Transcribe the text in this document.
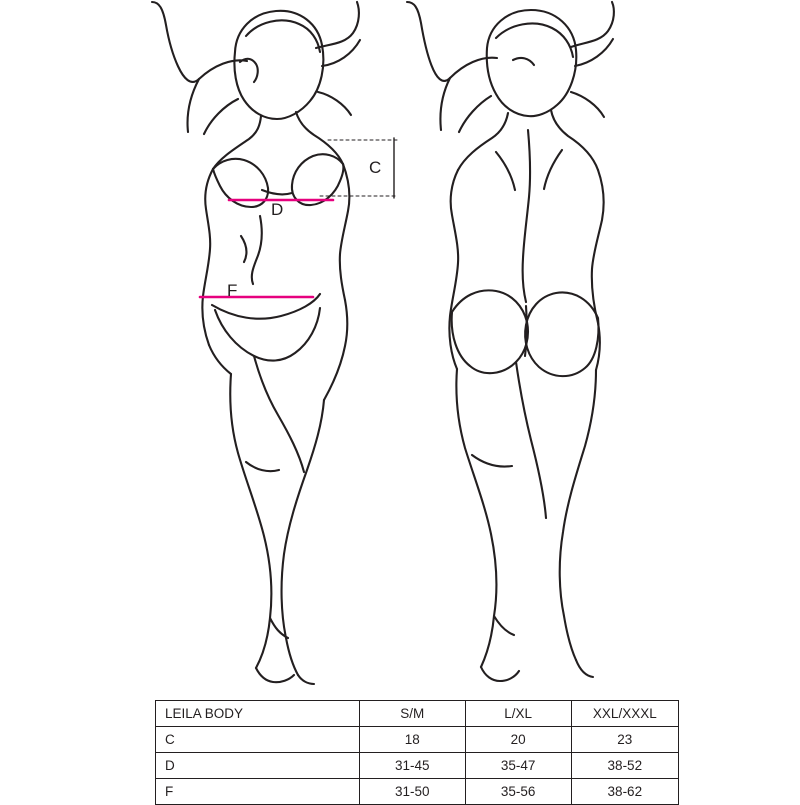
C
D
F
LEILA BODY	S/M	L/XL	XXL/XXXL
C	18	20	23
D	31-45	35-47	38-52
F	31-50	35-56	38-62
